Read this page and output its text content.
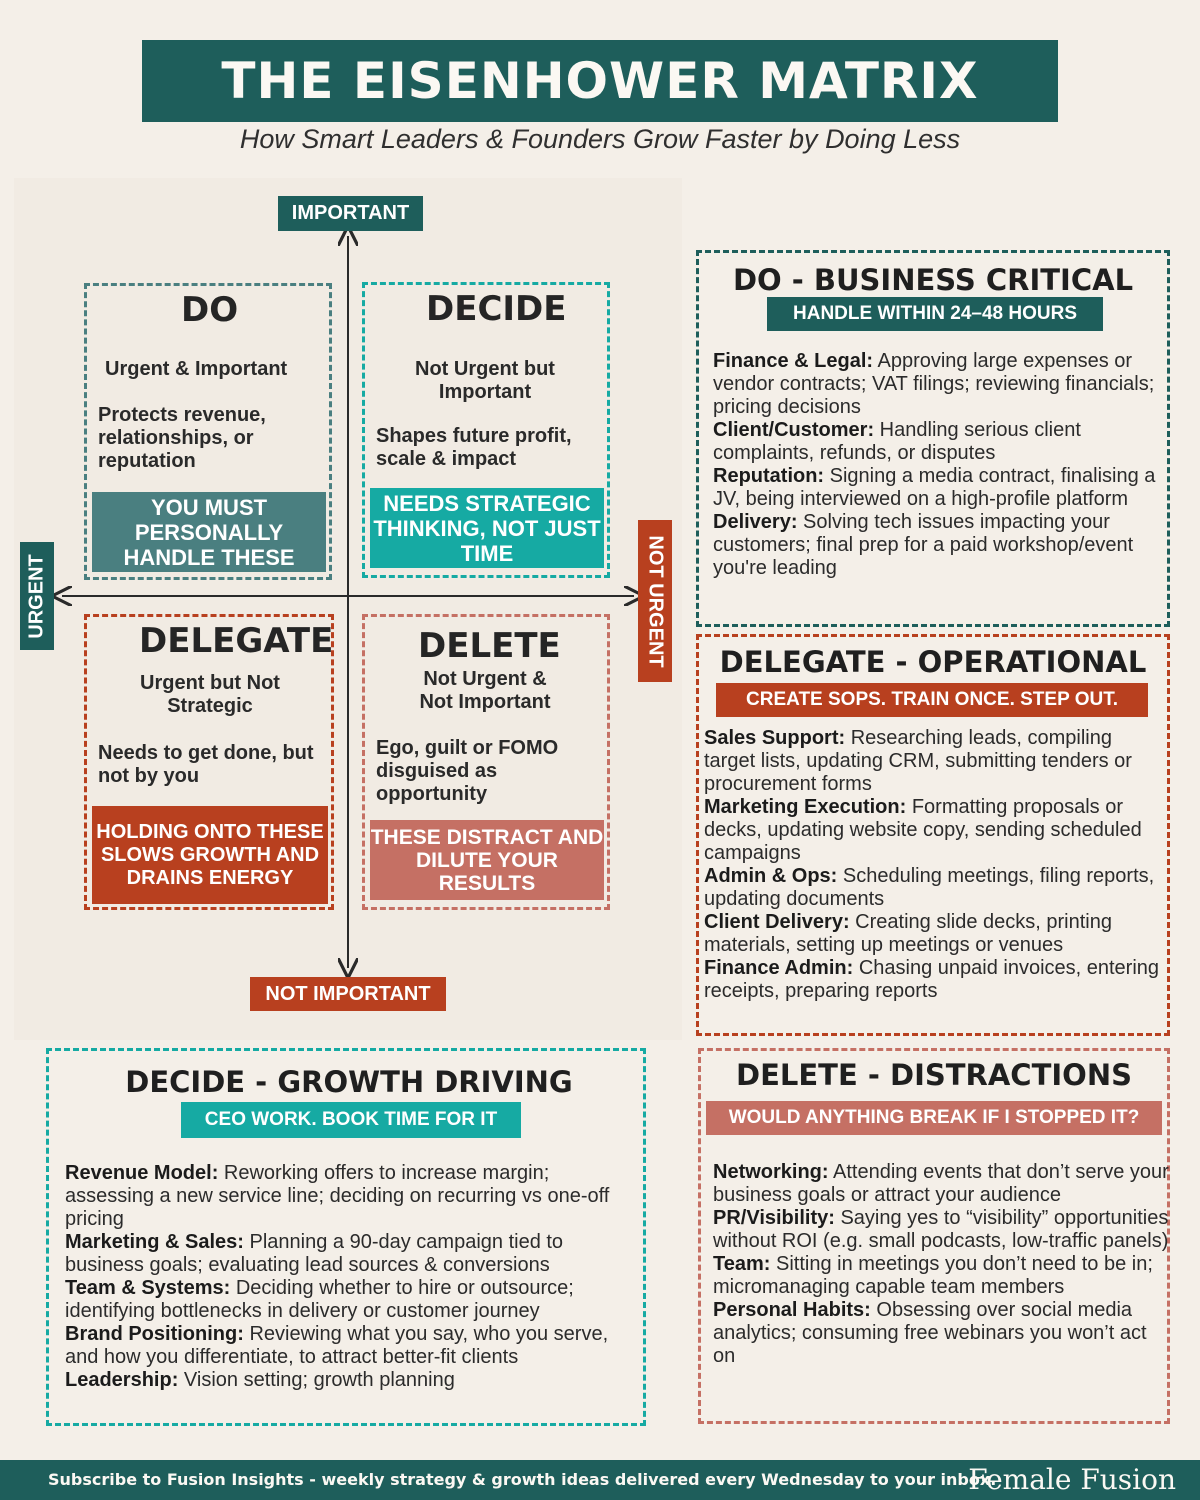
THE EISENHOWER MATRIX
How Smart Leaders & Founders Grow Faster by Doing Less
IMPORTANT
NOT IMPORTANT
URGENT	NOT URGENT
DO
Urgent & Important
Protects revenue, relationships, or reputation
YOU MUST PERSONALLY HANDLE THESE
DECIDE
Not Urgent but Important
Shapes future profit, scale & impact
NEEDS STRATEGIC THINKING, NOT JUST TIME
DELEGATE
Urgent but Not Strategic
Needs to get done, but not by you
HOLDING ONTO THESE SLOWS GROWTH AND DRAINS ENERGY
DELETE
Not Urgent & Not Important
Ego, guilt or FOMO disguised as opportunity
THESE DISTRACT AND DILUTE YOUR RESULTS
DO - BUSINESS CRITICAL
HANDLE WITHIN 24–48 HOURS

Finance & Legal: Approving large expenses or vendor contracts; VAT filings; reviewing financials; pricing decisions

Client/Customer: Handling serious client complaints, refunds, or disputes

Reputation: Signing a media contract, finalising a JV, being interviewed on a high-profile platform

Delivery: Solving tech issues impacting your customers; final prep for a paid workshop/event you're leading

DELEGATE - OPERATIONAL
CREATE SOPS. TRAIN ONCE. STEP OUT.

Sales Support: Researching leads, compiling target lists, updating CRM, submitting tenders or procurement forms

Marketing Execution: Formatting proposals or decks, updating website copy, sending scheduled campaigns

Admin & Ops: Scheduling meetings, filing reports, updating documents

Client Delivery: Creating slide decks, printing materials, setting up meetings or venues

Finance Admin: Chasing unpaid invoices, entering receipts, preparing reports

DECIDE - GROWTH DRIVING
CEO WORK. BOOK TIME FOR IT

Revenue Model: Reworking offers to increase margin; assessing a new service line; deciding on recurring vs one-off pricing

Marketing & Sales: Planning a 90-day campaign tied to business goals; evaluating lead sources & conversions

Team & Systems: Deciding whether to hire or outsource; identifying bottlenecks in delivery or customer journey

Brand Positioning: Reviewing what you say, who you serve, and how you differentiate, to attract better-fit clients

Leadership: Vision setting; growth planning

DELETE - DISTRACTIONS
WOULD ANYTHING BREAK IF I STOPPED IT?

Networking: Attending events that don’t serve your business goals or attract your audience

PR/Visibility: Saying yes to “visibility” opportunities without ROI (e.g. small podcasts, low-traffic panels)

Team: Sitting in meetings you don’t need to be in; micromanaging capable team members

Personal Habits: Obsessing over social media analytics; consuming free webinars you won’t act on

Subscribe to Fusion Insights - weekly strategy & growth ideas delivered every Wednesday to your inbox.
Female Fusion
